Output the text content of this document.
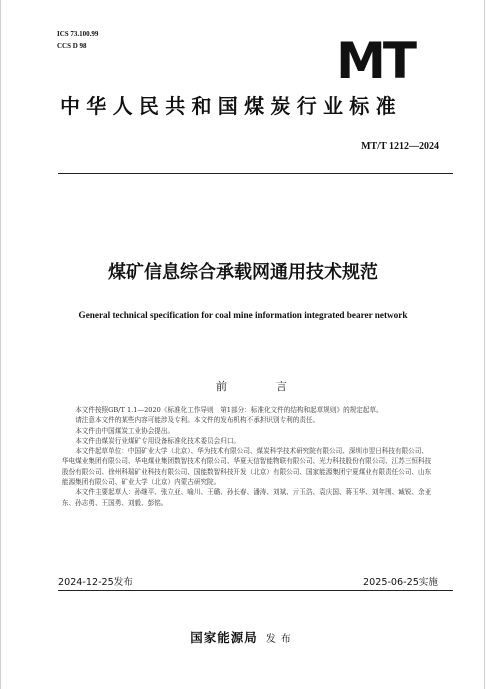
ICS 73.100.99
CCS D 98	MT
中华人民共和国煤炭行业标准
MT/T 1212—2024
煤矿信息综合承载网通用技术规范
General technical specification for coal mine information integrated bearer network
前　言

本文件按照GB/T 1.1—2020《标准化工作导则　第1部分：标准化文件的结构和起草规则》的规定起草。

请注意本文件的某些内容可能涉及专利。本文件的发布机构不承担识别专利的责任。

本文件由中国煤炭工业协会提出。

本文件由煤炭行业煤矿专用设备标准化技术委员会归口。

本文件起草单位：中国矿业大学（北京）、华为技术有限公司、煤炭科学技术研究院有限公司、深圳市翌日科技有限公司、华电煤业集团有限公司、华电煤业集团数智技术有限公司、华夏天信智能物联有限公司、光力科技股份有限公司、江苏三恒科技股份有限公司、徐州科瑞矿业科技有限公司、国能数智科技开发（北京）有限公司、国家能源集团宁夏煤业有限责任公司、山东能源集团有限公司、矿业大学（北京）内蒙古研究院。

本文件主要起草人：孙继平、张立亚、喻川、王璐、孙长春、潘涛、刘斌、亓玉浩、袁庆国、蒋玉华、刘年围、臧锐、余亚东、孙志勇、王国勇、刘毅、彭铭。

2024-12-25发布	2025-06-25实施
国家能源局 发布
